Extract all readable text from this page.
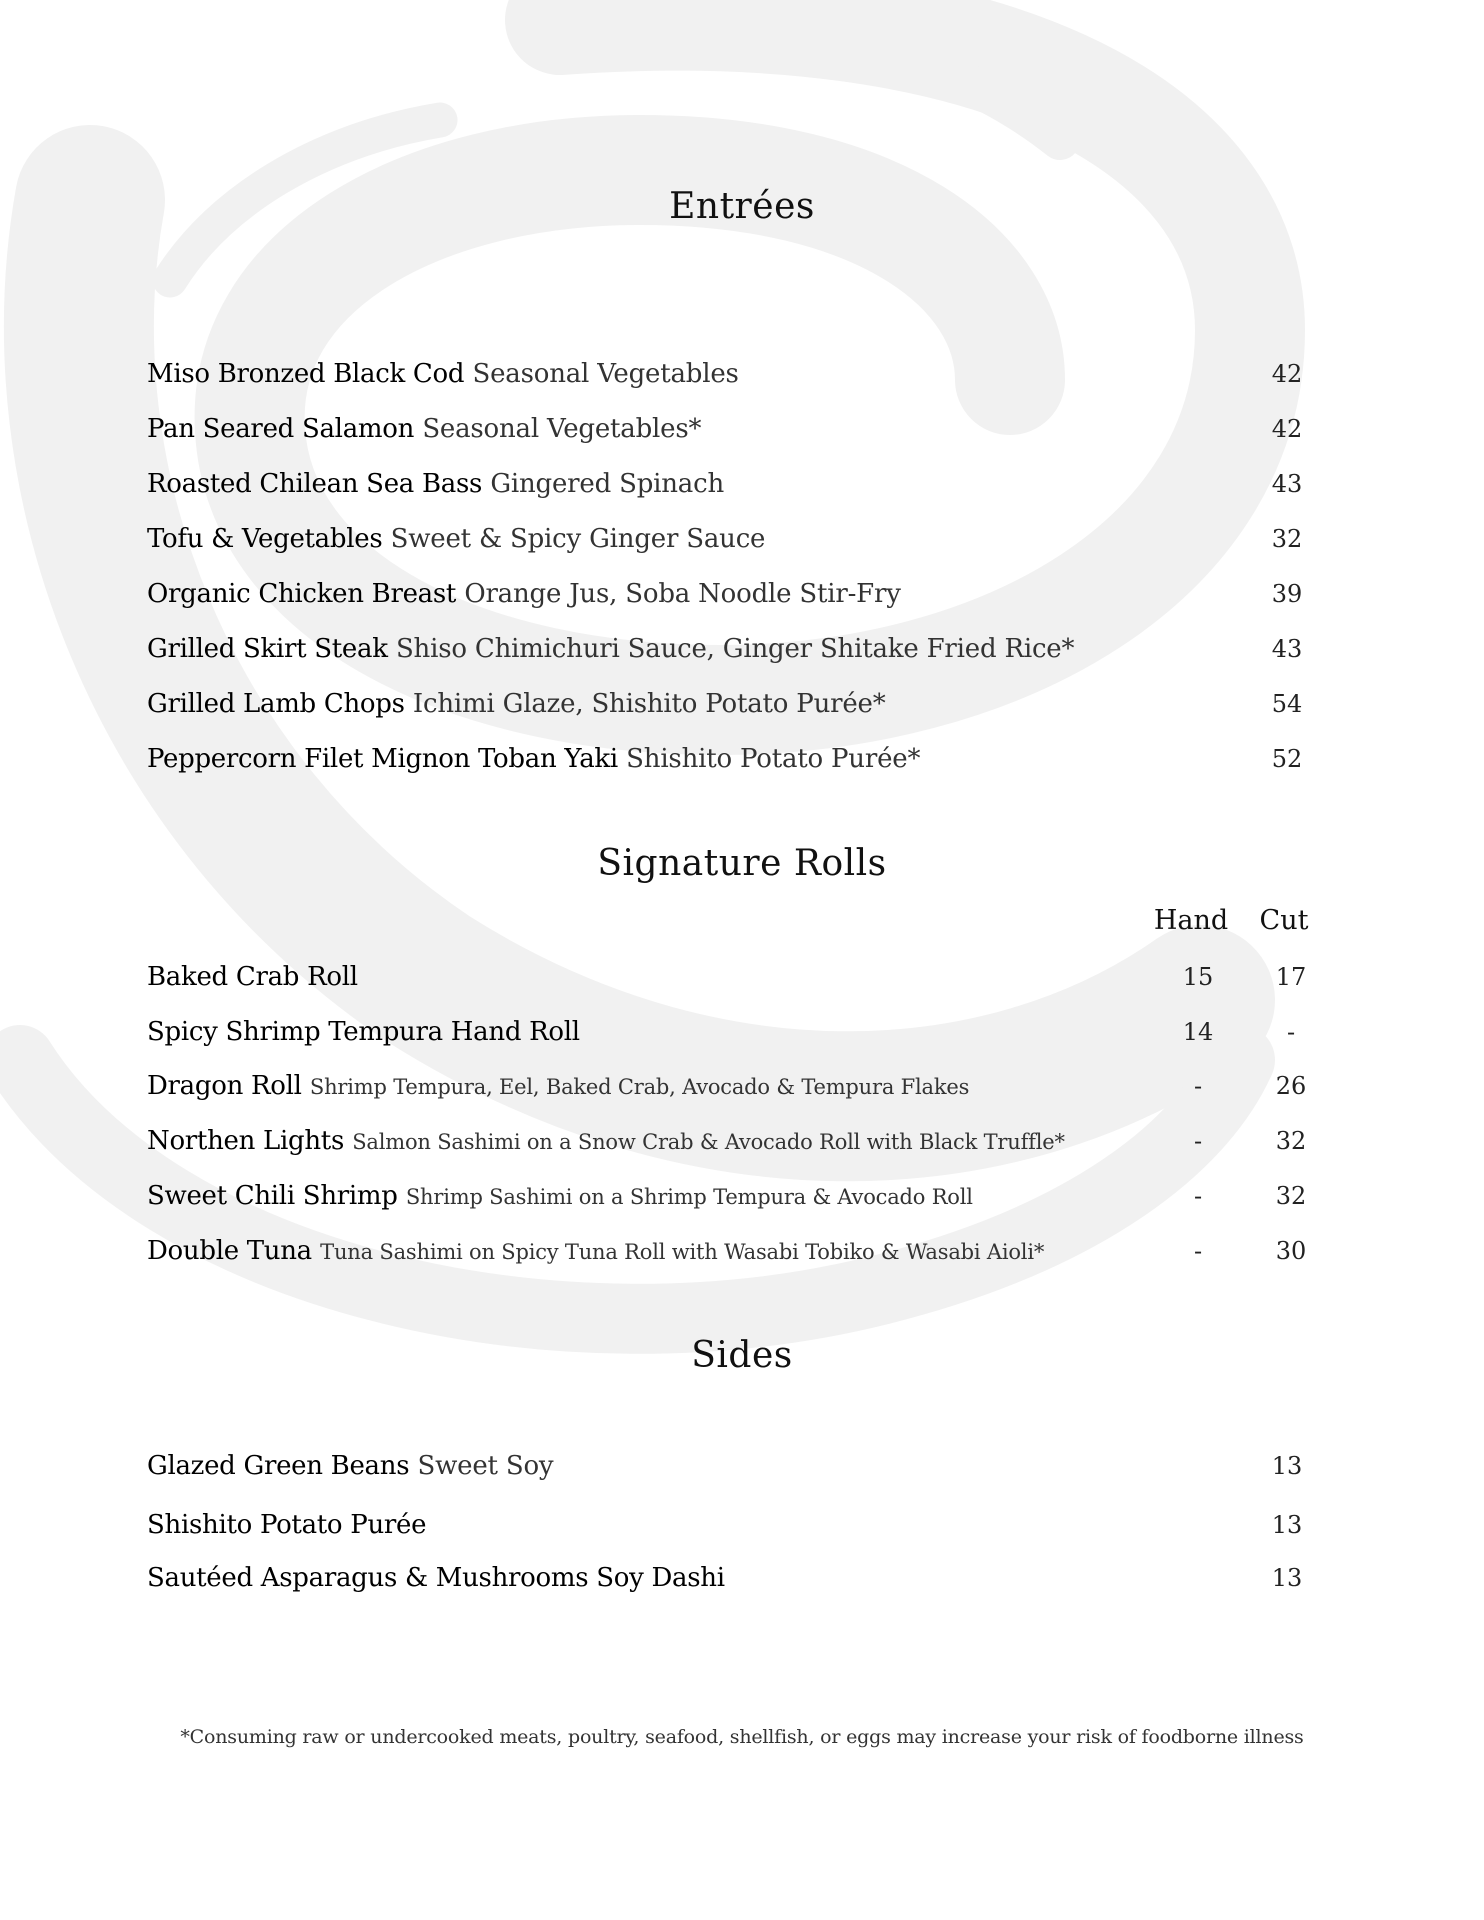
Entrées
Miso Bronzed Black Cod Seasonal Vegetables	42
Pan Seared Salamon Seasonal Vegetables*	42
Roasted Chilean Sea Bass Gingered Spinach	43
Tofu & Vegetables Sweet & Spicy Ginger Sauce	32
Organic Chicken Breast Orange Jus, Soba Noodle Stir-Fry	39
Grilled Skirt Steak Shiso Chimichuri Sauce, Ginger Shitake Fried Rice*	43
Grilled Lamb Chops Ichimi Glaze, Shishito Potato Purée*	54
Peppercorn Filet Mignon Toban Yaki Shishito Potato Purée*	52
Signature Rolls
Hand	Cut
Baked Crab Roll	15	17
Spicy Shrimp Tempura Hand Roll	14	-
Dragon Roll Shrimp Tempura, Eel, Baked Crab, Avocado & Tempura Flakes	-	26
Northen Lights Salmon Sashimi on a Snow Crab & Avocado Roll with Black Truffle*	-	32
Sweet Chili Shrimp Shrimp Sashimi on a Shrimp Tempura & Avocado Roll	-	32
Double Tuna Tuna Sashimi on Spicy Tuna Roll with Wasabi Tobiko & Wasabi Aioli*	-	30
Sides
Glazed Green Beans Sweet Soy	13
Shishito Potato Purée	13
Sautéed Asparagus & Mushrooms Soy Dashi	13
*Consuming raw or undercooked meats, poultry, seafood, shellfish, or eggs may increase your risk of foodborne illness
